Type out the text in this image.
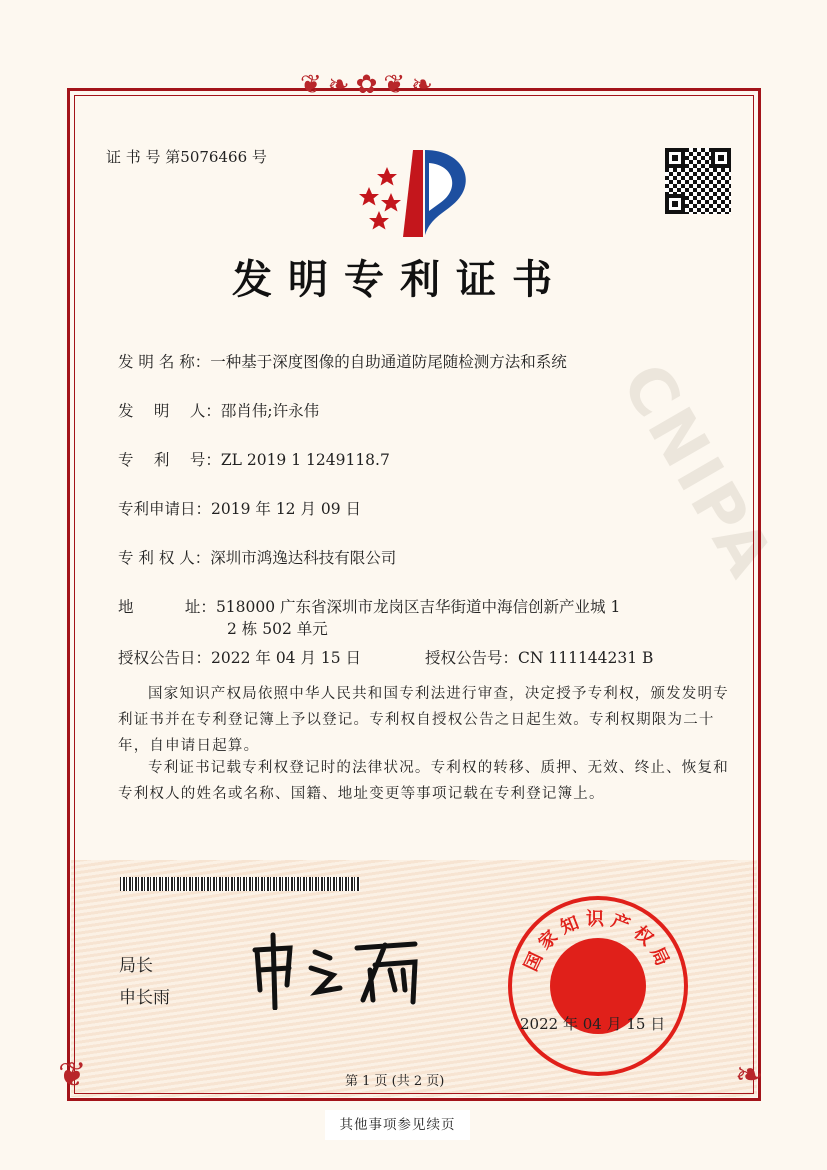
CNIPA
❦❧✿❦❧
❦	❧
证 书 号 第5076466 号
发明专利证书
发 明 名 称：一种基于深度图像的自助通道防尾随检测方法和系统
发　 明　 人：邵肖伟;许永伟
专　 利　 号：ZL 2019 1 1249118.7
专利申请日：2019 年 12 月 09 日
专 利 权 人：深圳市鸿逸达科技有限公司
地　　　 址：518000 广东省深圳市龙岗区吉华街道中海信创新产业城 1
2 栋 502 单元
授权公告日：2022 年 04 月 15 日	授权公告号：CN 111144231 B
国家知识产权局依照中华人民共和国专利法进行审查，决定授予专利权，颁发发明专利证书并在专利登记簿上予以登记。专利权自授权公告之日起生效。专利权期限为二十年，自申请日起算。
专利证书记载专利权登记时的法律状况。专利权的转移、质押、无效、终止、恢复和专利权人的姓名或名称、国籍、地址变更等事项记载在专利登记簿上。
局长
申长雨
国家知识产权局
2022 年 04 月 15 日
第 1 页 (共 2 页)
其他事项参见续页
